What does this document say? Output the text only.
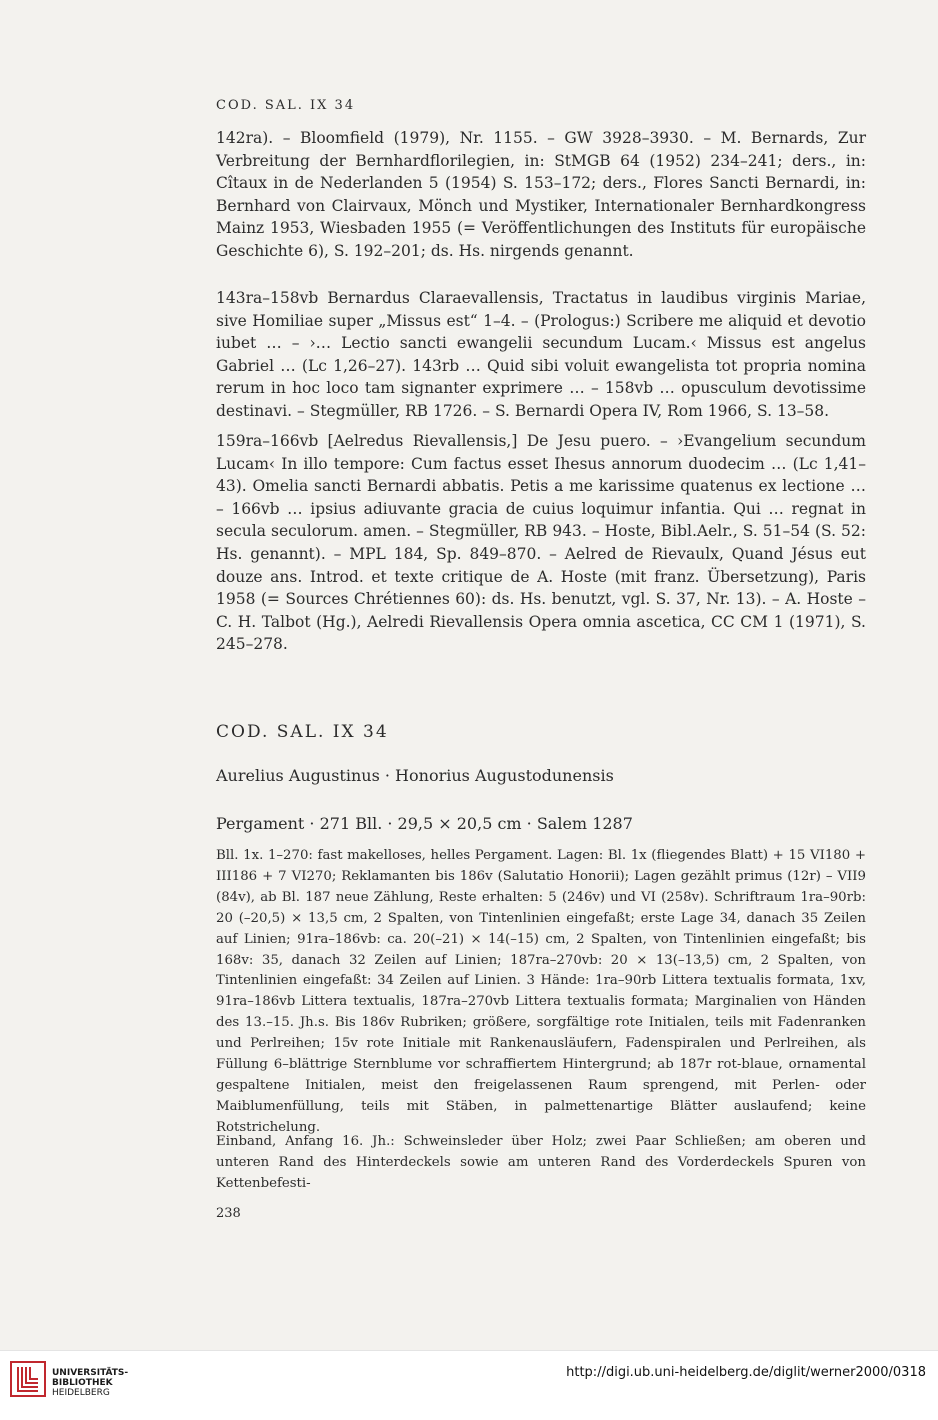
COD. SAL. IX 34
142ra). – Bloomfield (1979), Nr. 1155. – GW 3928–3930. – M. Bernards, Zur Verbreitung der Bernhardflorilegien, in: StMGB 64 (1952) 234–241; ders., in: Cîtaux in de Nederlanden 5 (1954) S. 153–172; ders., Flores Sancti Bernardi, in: Bernhard von Clairvaux, Mönch und Mystiker, Internationaler Bernhardkongress Mainz 1953, Wiesbaden 1955 (= Veröffentlichungen des Instituts für europäische Geschichte 6), S. 192–201; ds. Hs. nirgends genannt.
143ra–158vb Bernardus Claraevallensis, Tractatus in laudibus virginis Mariae, sive Homiliae super „Missus est“ 1–4. – (Prologus:) Scribere me aliquid et devotio iubet … – ›… Lectio sancti ewangelii secundum Lucam.‹ Missus est angelus Gabriel … (Lc 1,26–27). 143rb … Quid sibi voluit ewangelista tot propria nomina rerum in hoc loco tam signanter exprimere … – 158vb … opusculum devotissime destinavi. – Stegmüller, RB 1726. – S. Bernardi Opera IV, Rom 1966, S. 13–58.
159ra–166vb [Aelredus Rievallensis,] De Jesu puero. – ›Evangelium secundum Lucam‹ In illo tempore: Cum factus esset Ihesus annorum duodecim … (Lc 1,41–43). Omelia sancti Bernardi abbatis. Petis a me karissime quatenus ex lectione … – 166vb … ipsius adiuvante gracia de cuius loquimur infantia. Qui … regnat in secula seculorum. amen. – Stegmüller, RB 943. – Hoste, Bibl.Aelr., S. 51–54 (S. 52: Hs. genannt). – MPL 184, Sp. 849–870. – Aelred de Rievaulx, Quand Jésus eut douze ans. Introd. et texte critique de A. Hoste (mit franz. Übersetzung), Paris 1958 (= Sources Chrétiennes 60): ds. Hs. benutzt, vgl. S. 37, Nr. 13). – A. Hoste – C. H. Talbot (Hg.), Aelredi Rievallensis Opera omnia ascetica, CC CM 1 (1971), S. 245–278.
COD. SAL. IX 34
Aurelius Augustinus · Honorius Augustodunensis
Pergament · 271 Bll. · 29,5 × 20,5 cm · Salem 1287
Bll. 1x. 1–270: fast makelloses, helles Pergament. Lagen: Bl. 1x (fliegendes Blatt) + 15 VI180 + III186 + 7 VI270; Reklamanten bis 186v (Salutatio Honorii); Lagen gezählt primus (12r) – VII9 (84v), ab Bl. 187 neue Zählung, Reste erhalten: 5 (246v) und VI (258v). Schriftraum 1ra–90rb: 20 (–20,5) × 13,5 cm, 2 Spalten, von Tintenlinien eingefaßt; erste Lage 34, danach 35 Zeilen auf Linien; 91ra–186vb: ca. 20(–21) × 14(–15) cm, 2 Spalten, von Tintenlinien eingefaßt; bis 168v: 35, danach 32 Zeilen auf Linien; 187ra–270vb: 20 × 13(–13,5) cm, 2 Spalten, von Tintenlinien eingefaßt: 34 Zeilen auf Linien. 3 Hände: 1ra–90rb Littera textualis formata, 1xv, 91ra–186vb Littera textualis, 187ra–270vb Littera textualis formata; Marginalien von Händen des 13.–15. Jh.s. Bis 186v Rubriken; größere, sorgfältige rote Initialen, teils mit Fadenranken und Perlreihen; 15v rote Initiale mit Rankenausläufern, Fadenspiralen und Perlreihen, als Füllung 6–blättrige Sternblume vor schraffiertem Hintergrund; ab 187r rot-blaue, ornamental gespaltene Initialen, meist den freigelassenen Raum sprengend, mit Perlen- oder Maiblumenfüllung, teils mit Stäben, in palmettenartige Blätter auslaufend; keine Rotstrichelung.
Einband, Anfang 16. Jh.: Schweinsleder über Holz; zwei Paar Schließen; am oberen und unteren Rand des Hinterdeckels sowie am unteren Rand des Vorderdeckels Spuren von Kettenbefesti-
238
UNIVERSITÄTS-
BIBLIOTHEK
HEIDELBERG
http://digi.ub.uni-heidelberg.de/diglit/werner2000/0318
